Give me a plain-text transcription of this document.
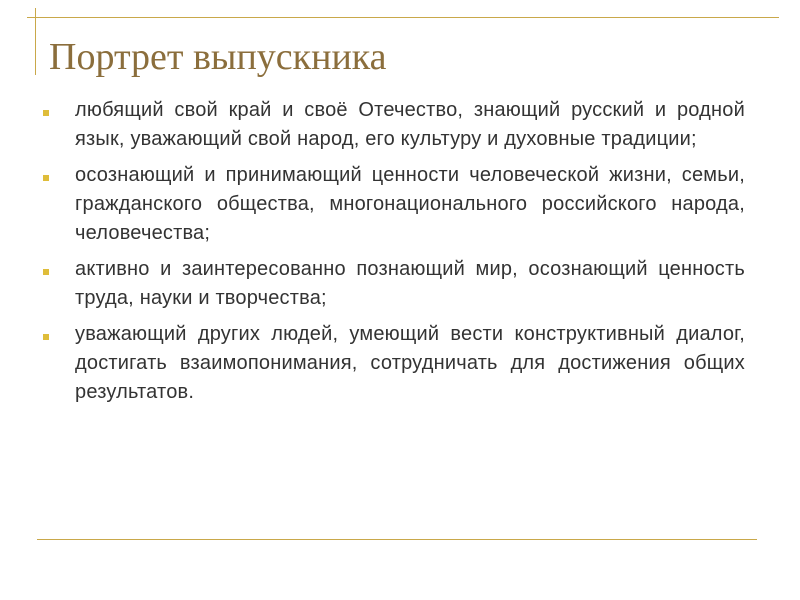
Портрет выпускника
любящий свой край и своё Отечество, знающий русский и родной язык, уважающий свой народ, его культуру и духовные традиции;
осознающий и принимающий ценности человеческой жизни, семьи, гражданского общества, многонационального российского народа, человечества;
активно и заинтересованно познающий мир, осознающий ценность труда, науки и творчества;
уважающий других людей, умеющий вести конструктивный диалог, достигать взаимопонимания, сотрудничать для достижения общих результатов.
